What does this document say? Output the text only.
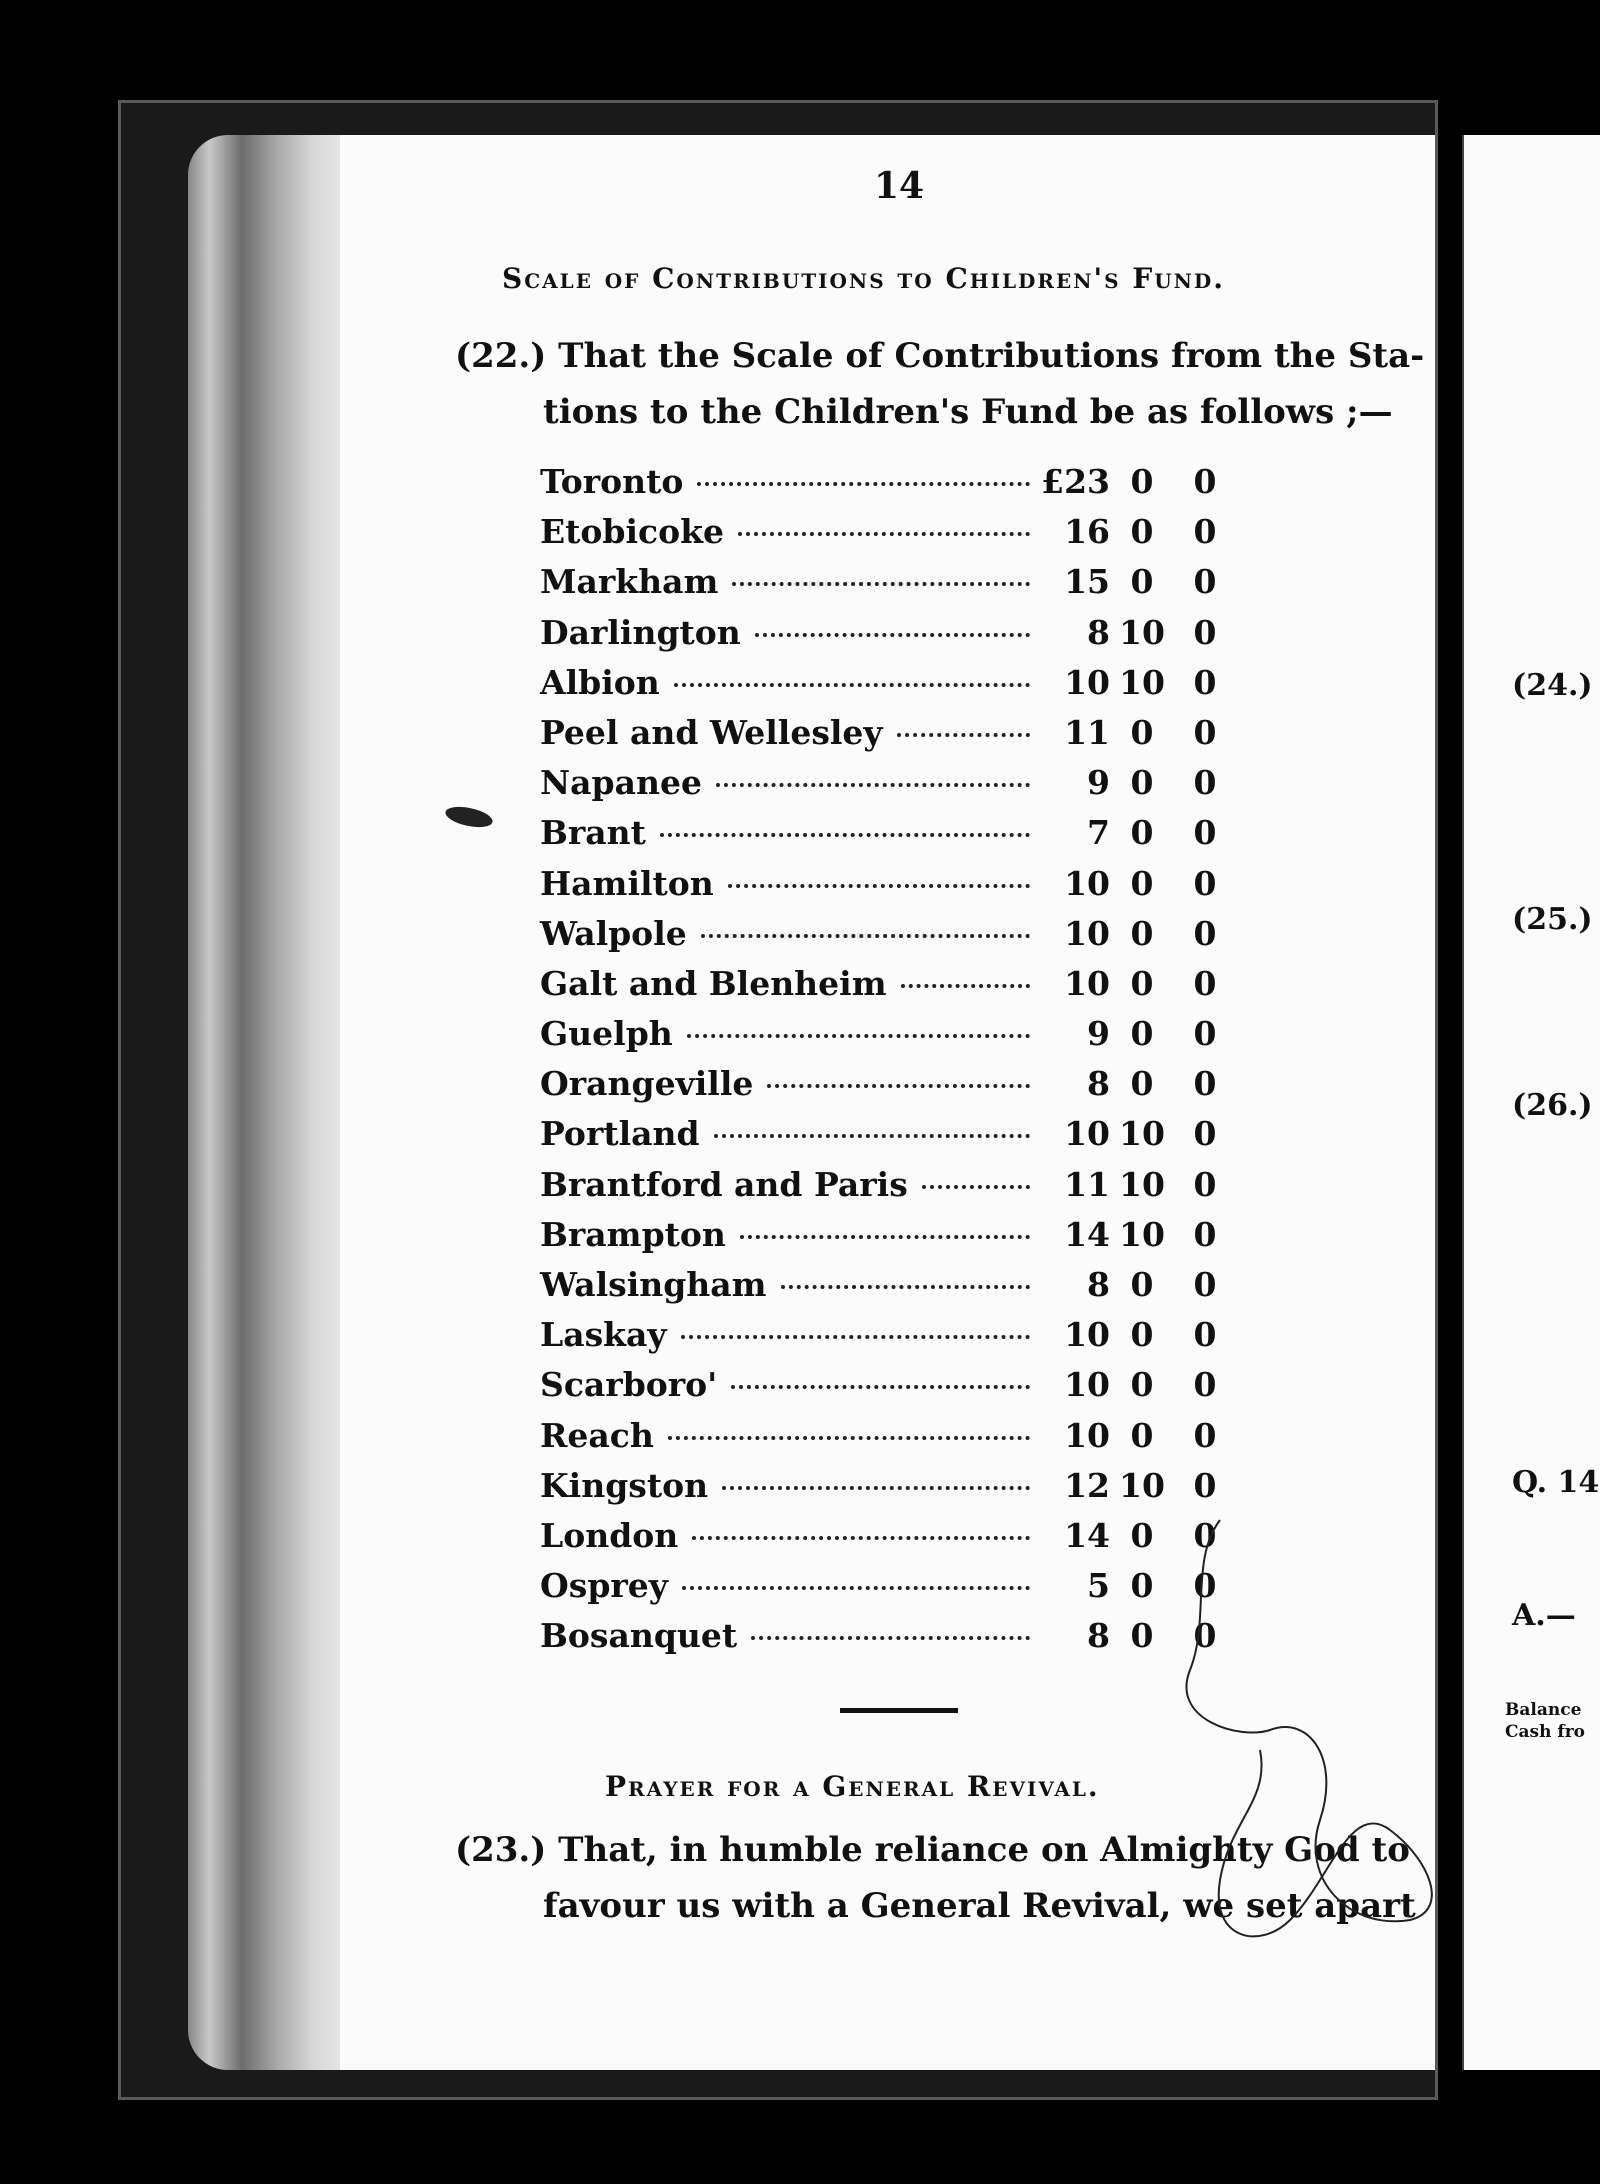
14
Scale of Contributions to Children's Fund.
(22.) That the Scale of Contributions from the Sta-
tions to the Children's Fund be as follows ;—
Toronto	£23 0	0
Etobicoke	16 0	0
Markham	15 0	0
Darlington	8 10 0
Albion	10 10 0
Peel and Wellesley	11 0	0
Napanee	9 0	0
Brant	7 0	0
Hamilton	10 0	0
Walpole	10 0	0
Galt and Blenheim	10 0	0
Guelph	9 0	0
Orangeville	8 0	0
Portland	10 10 0
Brantford and Paris	11 10 0
Brampton	14 10 0
Walsingham	8 0	0
Laskay	10 0	0
Scarboro'	10 0	0
Reach	10 0	0
Kingston	12 10 0
London	14 0	0
Osprey	5 0	0
Bosanquet	8 0	0
Prayer for a General Revival.
(23.) That, in humble reliance on Almighty God to
favour us with a General Revival, we set apart
(24.)
(25.)
(26.)
Q. 14
A.—
Balance
Cash fro
